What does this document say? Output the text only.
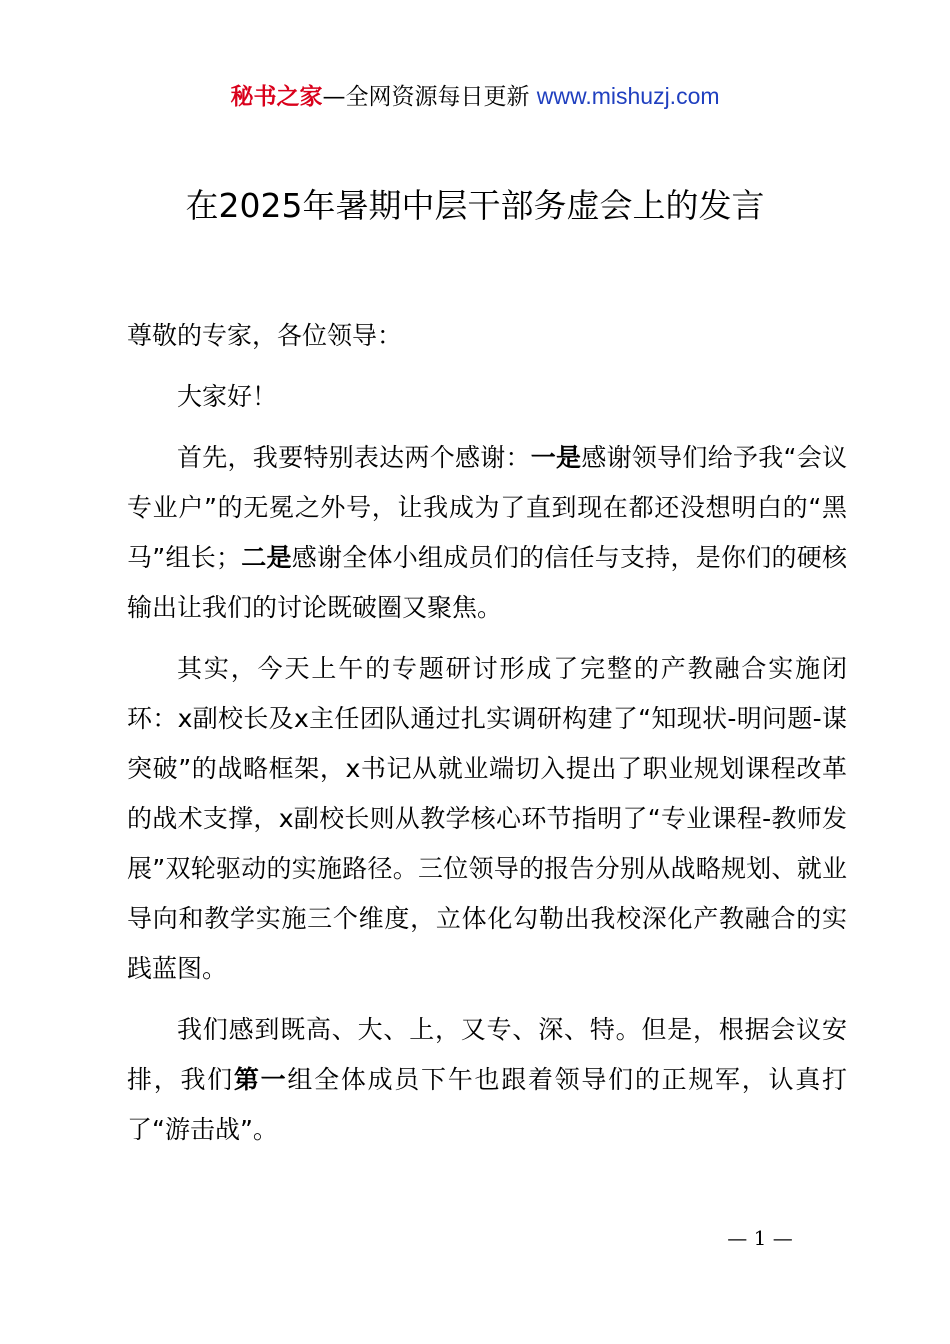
秘书之家—全网资源每日更新 www.mishuzj.com
在2025年暑期中层干部务虚会上的发言

尊敬的专家，各位领导：

大家好！

首先，我要特别表达两个感谢：一是感谢领导们给予我“会议专业户”的无冕之外号，让我成为了直到现在都还没想明白的“黑马”组长；二是感谢全体小组成员们的信任与支持，是你们的硬核输出让我们的讨论既破圈又聚焦。

其实，今天上午的专题研讨形成了完整的产教融合实施闭环：x副校长及x主任团队通过扎实调研构建了“知现状-明问题-谋突破”的战略框架，x书记从就业端切入提出了职业规划课程改革的战术支撑，x副校长则从教学核心环节指明了“专业课程-教师发展”双轮驱动的实施路径。三位领导的报告分别从战略规划、就业导向和教学实施三个维度，立体化勾勒出我校深化产教融合的实践蓝图。

我们感到既高、大、上，又专、深、特。但是，根据会议安排，我们第一组全体成员下午也跟着领导们的正规军，认真打了“游击战”。

— 1 —
